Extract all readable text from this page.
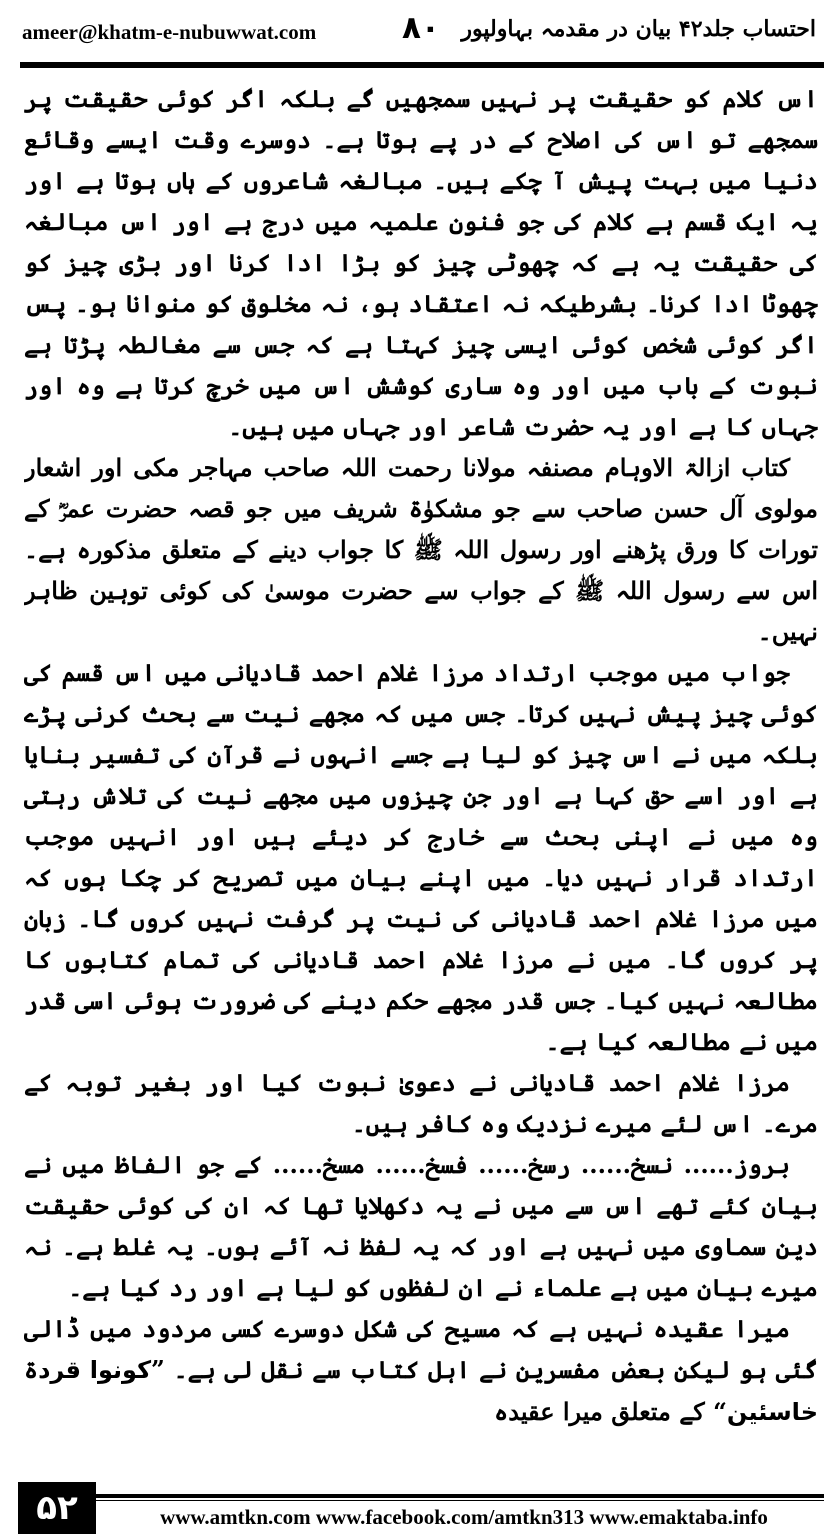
ameer@khatm-e-nubuwwat.com	۸۰ احتساب جلد۴۲ بیان در مقدمہ بہاولپور

اس کلام کو حقیقت پر نہیں سمجھیں گے بلکہ اگر کوئی حقیقت پر سمجھے تو اس کی اصلاح کے در پے ہوتا ہے۔ دوسرے وقت ایسے وقائع دنیا میں بہت پیش آ چکے ہیں۔ مبالغہ شاعروں کے ہاں ہوتا ہے اور یہ ایک قسم ہے کلام کی جو فنون علمیہ میں درج ہے اور اس مبالغہ کی حقیقت یہ ہے کہ چھوٹی چیز کو بڑا ادا کرنا اور بڑی چیز کو چھوٹا ادا کرنا۔ بشرطیکہ نہ اعتقاد ہو، نہ مخلوق کو منوانا ہو۔ پس اگر کوئی شخص کوئی ایسی چیز کہتا ہے کہ جس سے مغالطہ پڑتا ہے نبوت کے باب میں اور وہ ساری کوشش اس میں خرچ کرتا ہے وہ اور جہاں کا ہے اور یہ حضرت شاعر اور جہاں میں ہیں۔

کتاب ازالۃ الاوہام مصنفہ مولانا رحمت اللہ صاحب مہاجر مکی اور اشعار مولوی آل حسن صاحب سے جو مشکوٰۃ شریف میں جو قصہ حضرت عمرؓ کے تورات کا ورق پڑھنے اور رسول اللہ ﷺ کا جواب دینے کے متعلق مذکورہ ہے۔ اس سے رسول اللہ ﷺ کے جواب سے حضرت موسیٰ کی کوئی توہین ظاہر نہیں۔

جواب میں موجب ارتداد مرزا غلام احمد قادیانی میں اس قسم کی کوئی چیز پیش نہیں کرتا۔ جس میں کہ مجھے نیت سے بحث کرنی پڑے بلکہ میں نے اس چیز کو لیا ہے جسے انہوں نے قرآن کی تفسیر بنایا ہے اور اسے حق کہا ہے اور جن چیزوں میں مجھے نیت کی تلاش رہتی وہ میں نے اپنی بحث سے خارج کر دیئے ہیں اور انہیں موجب ارتداد قرار نہیں دیا۔ میں اپنے بیان میں تصریح کر چکا ہوں کہ میں مرزا غلام احمد قادیانی کی نیت پر گرفت نہیں کروں گا۔ زبان پر کروں گا۔ میں نے مرزا غلام احمد قادیانی کی تمام کتابوں کا مطالعہ نہیں کیا۔ جس قدر مجھے حکم دینے کی ضرورت ہوئی اسی قدر میں نے مطالعہ کیا ہے۔

مرزا غلام احمد قادیانی نے دعویٰ نبوت کیا اور بغیر توبہ کے مرے۔ اس لئے میرے نزدیک وہ کافر ہیں۔

بروز...... نسخ...... رسخ...... فسخ...... مسخ...... کے جو الفاظ میں نے بیان کئے تھے اس سے میں نے یہ دکھلایا تھا کہ ان کی کوئی حقیقت دین سماوی میں نہیں ہے اور کہ یہ لفظ نہ آئے ہوں۔ یہ غلط ہے۔ نہ میرے بیان میں ہے علماء نے ان لفظوں کو لیا ہے اور رد کیا ہے۔

میرا عقیدہ نہیں ہے کہ مسیح کی شکل دوسرے کسی مردود میں ڈالی گئی ہو لیکن بعض مفسرین نے اہل کتاب سے نقل لی ہے۔ ”کونوا قردۃ خاسئین“ کے متعلق میرا عقیدہ

۵۲	www.amtkn.com www.facebook.com/amtkn313 www.emaktaba.info
